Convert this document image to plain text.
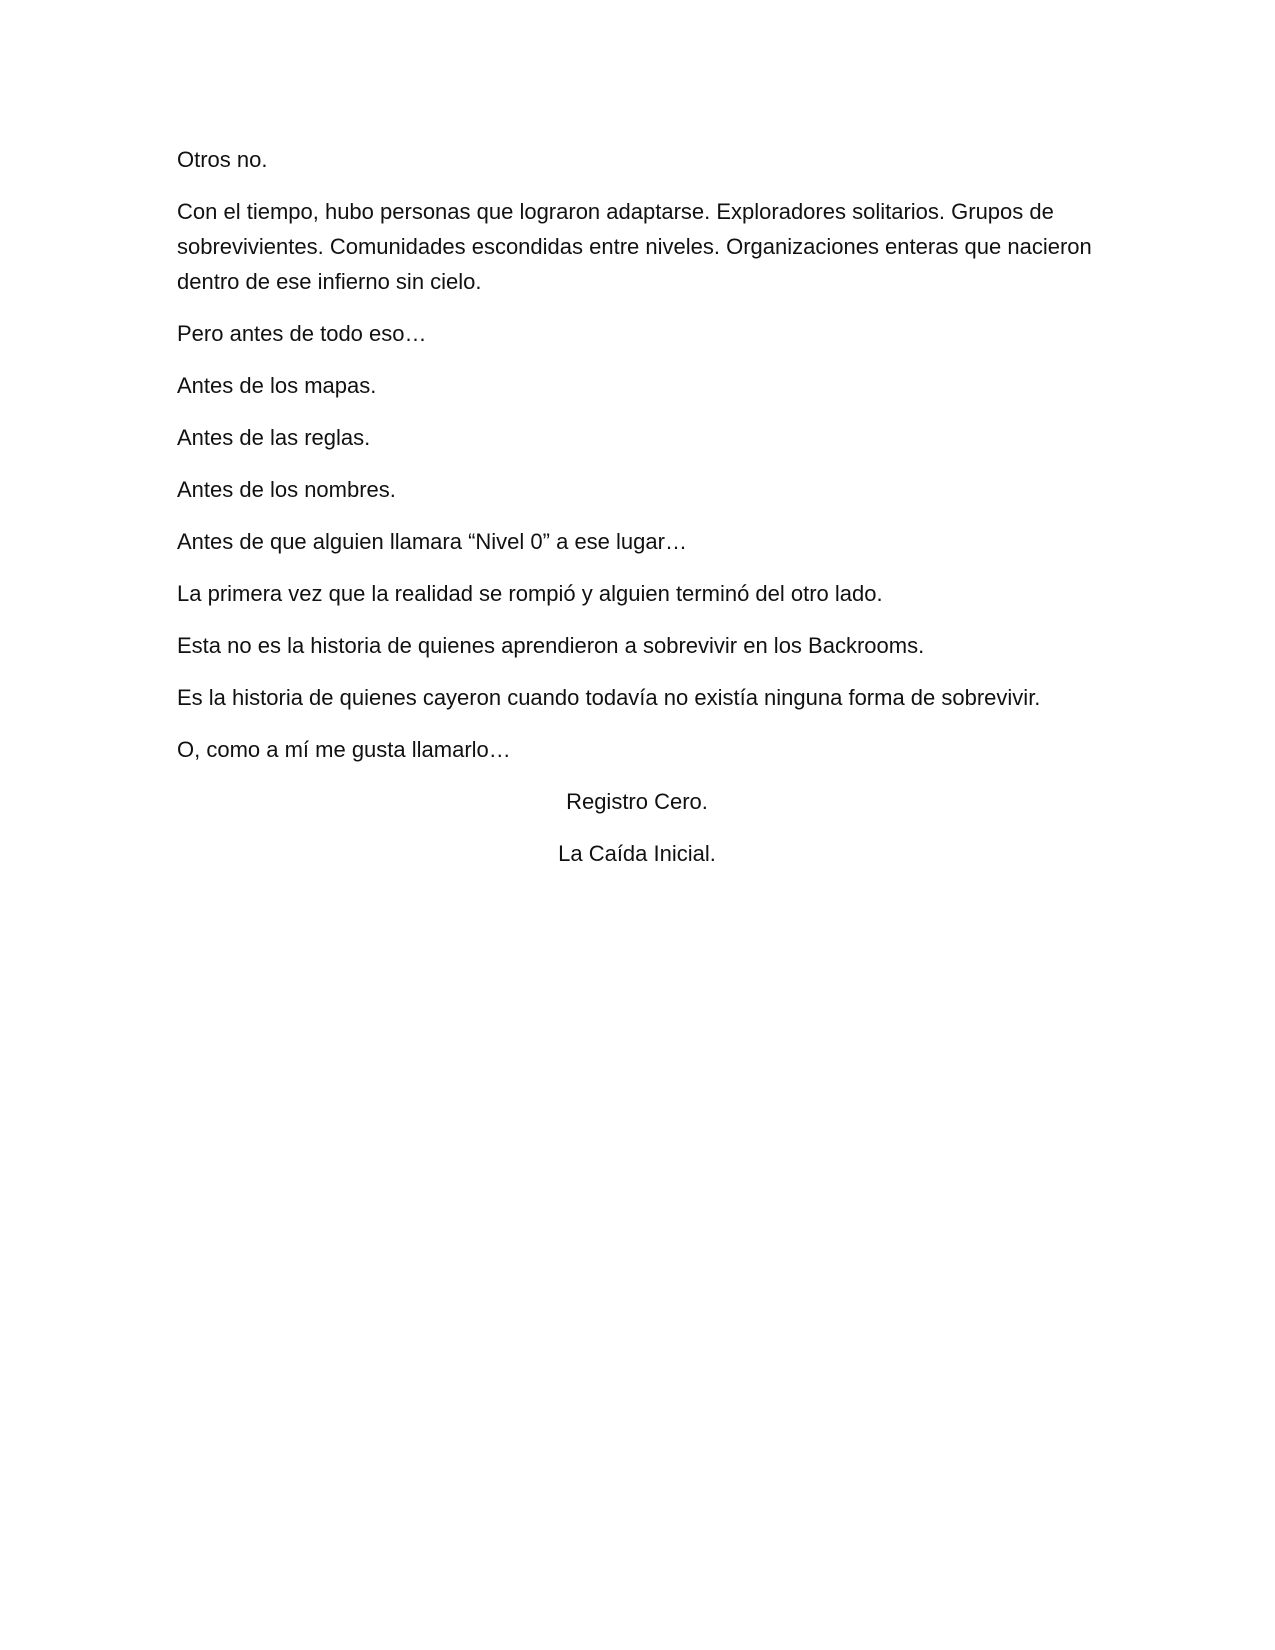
Otros no.

Con el tiempo, hubo personas que lograron adaptarse. Exploradores solitarios. Grupos de sobrevivientes. Comunidades escondidas entre niveles. Organizaciones enteras que nacieron dentro de ese infierno sin cielo.

Pero antes de todo eso…

Antes de los mapas.

Antes de las reglas.

Antes de los nombres.

Antes de que alguien llamara “Nivel 0” a ese lugar…

La primera vez que la realidad se rompió y alguien terminó del otro lado.

Esta no es la historia de quienes aprendieron a sobrevivir en los Backrooms.

Es la historia de quienes cayeron cuando todavía no existía ninguna forma de sobrevivir.

O, como a mí me gusta llamarlo…

Registro Cero.

La Caída Inicial.
